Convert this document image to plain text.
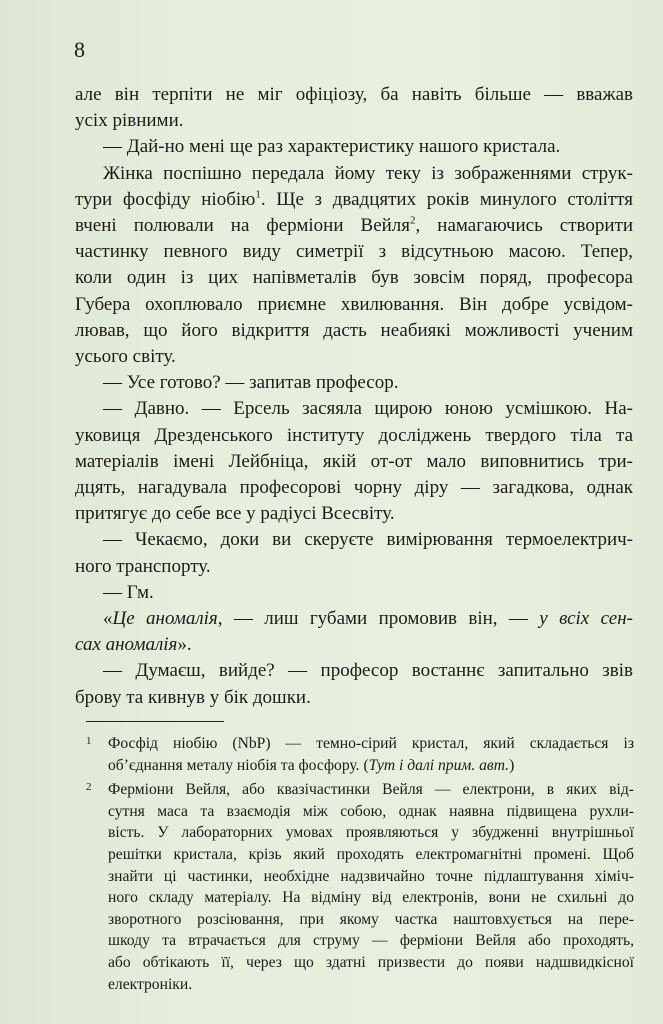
8

але він терпіти не міг офіціозу, ба навіть більше — вважав
усіх рівними.

— Дай-но мені ще раз характеристику нашого кристала.

Жінка поспішно передала йому теку із зображеннями струк-
тури фосфіду ніобію$^1$. Ще з двадцятих років минулого століття
вчені полювали на ферміони Вейля$^2$, намагаючись створити
частинку певного виду симетрії з відсутньою масою. Тепер,
коли один із цих напівметалів був зовсім поряд, професора
Губера охоплювало приємне хвилювання. Він добре усвідом-
лював, що його відкриття дасть неабиякі можливості ученим
усього світу.

— Усе готово? — запитав професор.

— Давно. — Ерсель засяяла щирою юною усмішкою. На-
уковиця Дрезденського інституту досліджень твердого тіла та
матеріалів імені Лейбніца, якій от-от мало виповнитись три-
дцять, нагадувала професорові чорну діру — загадкова, однак
притягує до себе все у радіусі Всесвіту.

— Чекаємо, доки ви скеруєте вимірювання термоелектрич-
ного транспорту.

— Гм.

«Це аномалія, — лиш губами промовив він, — у всіх сен-
сах аномалія».

— Думаєш, вийде? — професор востаннє запитально звів
брову та кивнув у бік дошки.

1 Фосфід ніобію (NbP) — темно-сірий кристал, який складається із
об’єднання металу ніобія та фосфору. (Тут і далі прим. авт.)
2 Ферміони Вейля, або квазічастинки Вейля — електрони, в яких від-
сутня маса та взаємодія між собою, однак наявна підвищена рухли-
вість. У лабораторних умовах проявляються у збудженні внутрішньої
решітки кристала, крізь який проходять електромагнітні промені. Щоб
знайти ці частинки, необхідне надзвичайно точне підлаштування хіміч-
ного складу матеріалу. На відміну від електронів, вони не схильні до
зворотного розсіювання, при якому частка наштовхується на пере-
шкоду та втрачається для струму — ферміони Вейля або проходять,
або обтікають її, через що здатні призвести до появи надшвидкісної
електроніки.
